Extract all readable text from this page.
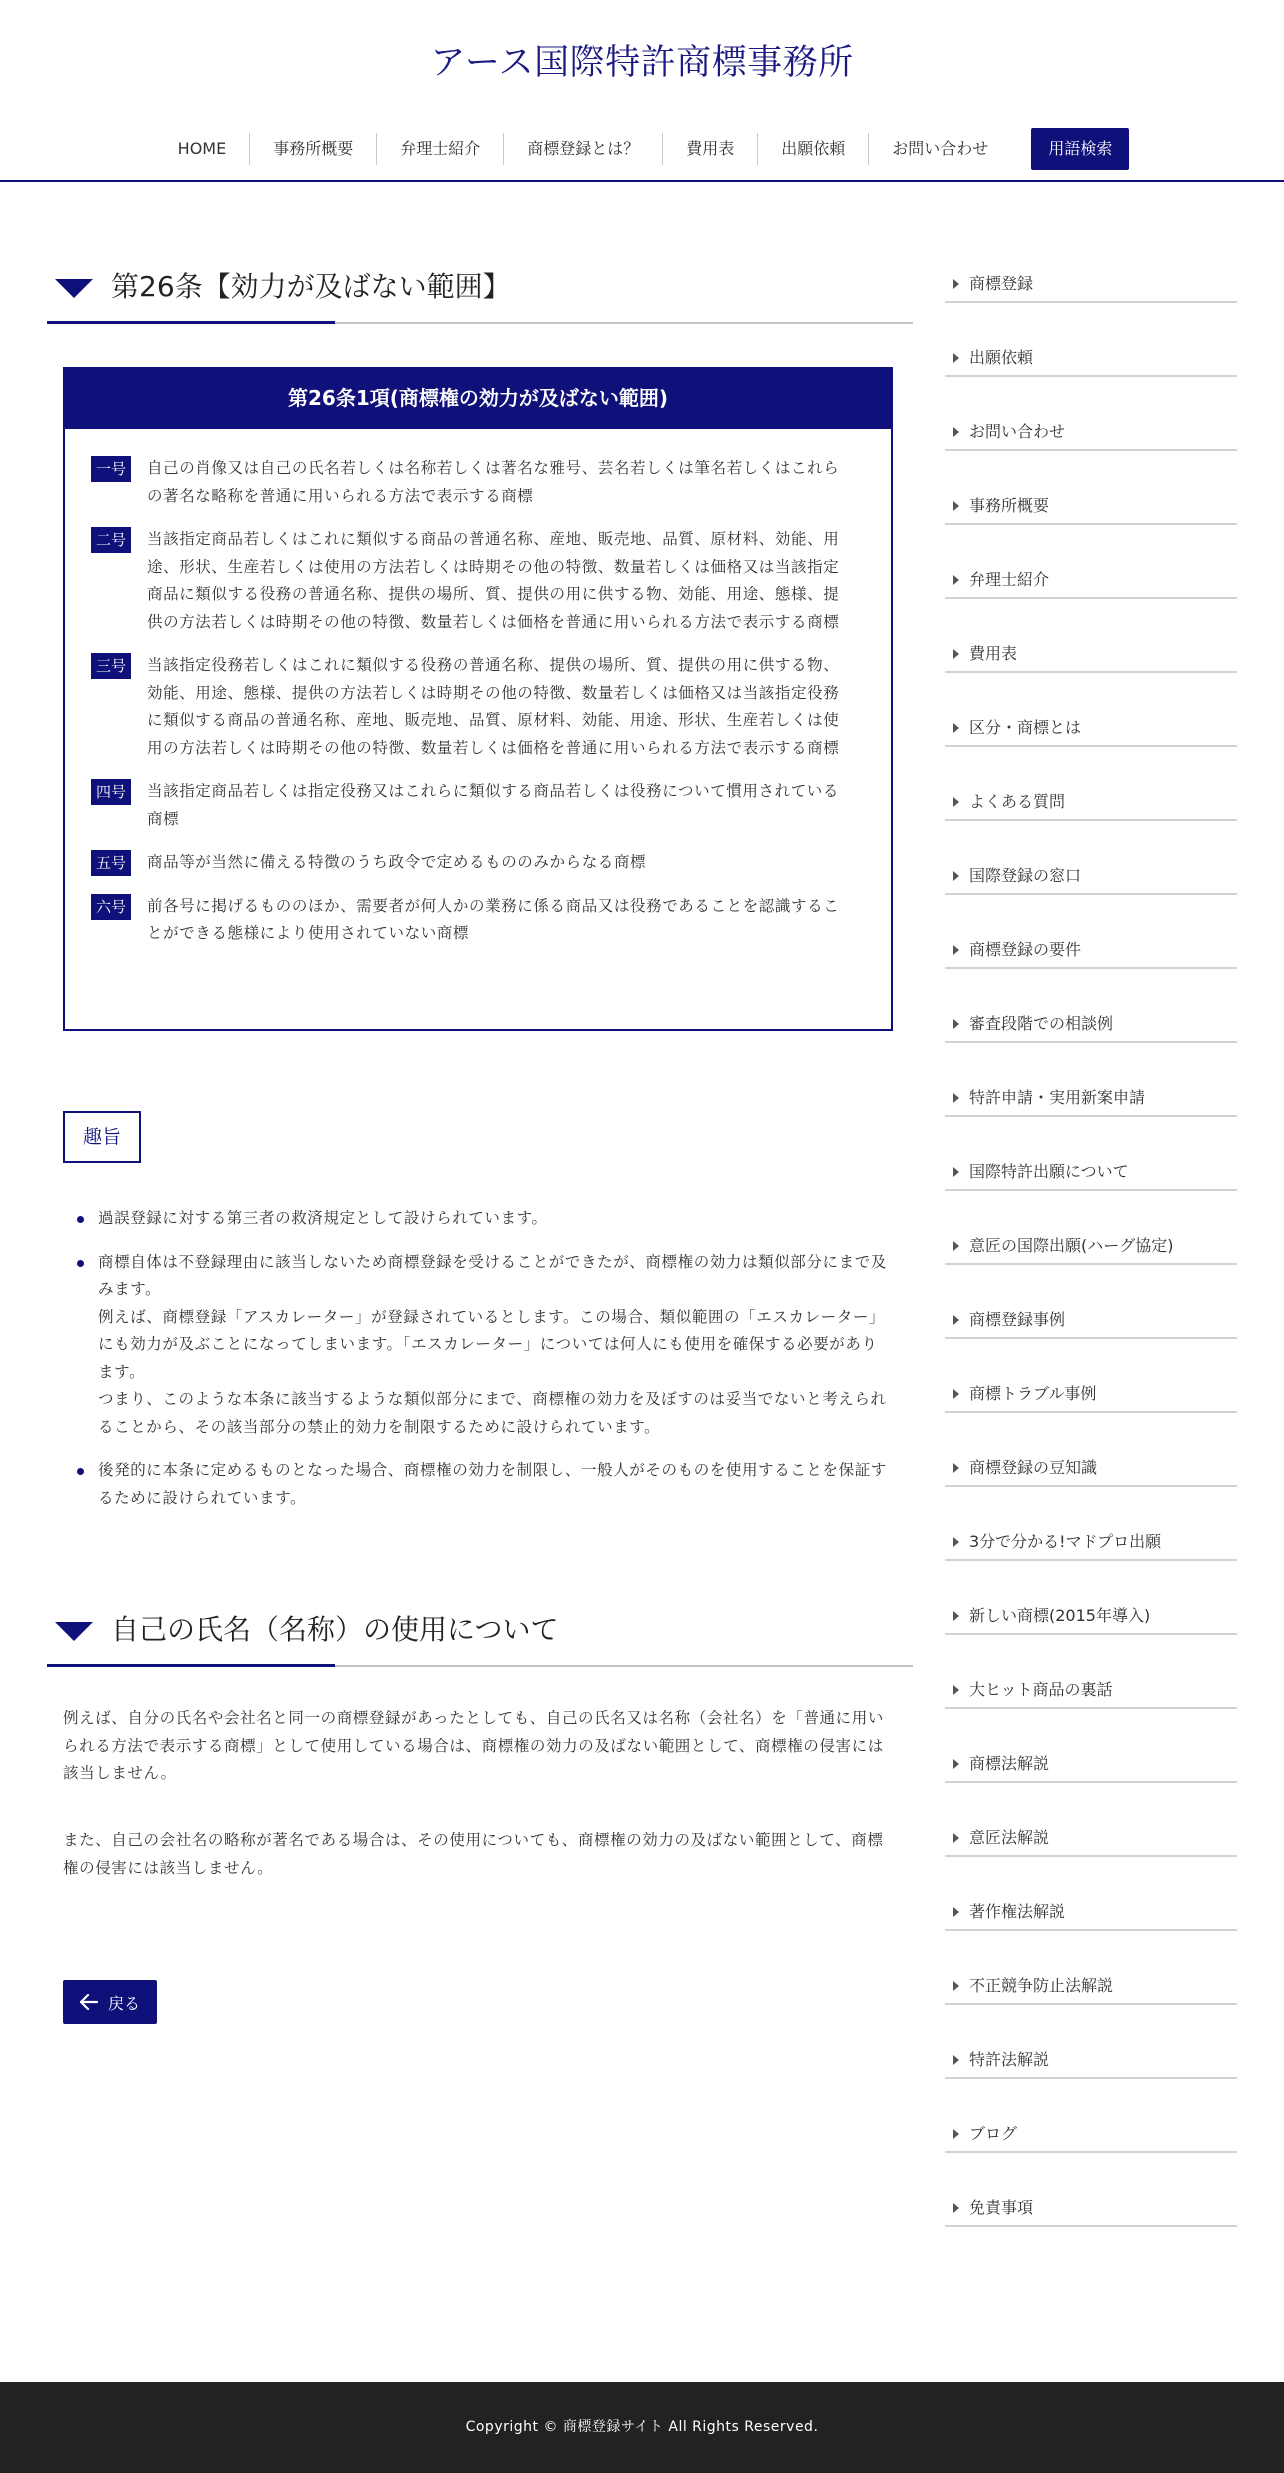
アース国際特許商標事務所
HOME	事務所概要	弁理士紹介	商標登録とは？	費用表	出願依頼	お問い合わせ	用語検索
第26条【効力が及ばない範囲】
第26条1項(商標権の効力が及ばない範囲)
一号	自己の肖像又は自己の氏名若しくは名称若しくは著名な雅号、芸名若しくは筆名若しくはこれらの著名な略称を普通に用いられる方法で表示する商標
二号	当該指定商品若しくはこれに類似する商品の普通名称、産地、販売地、品質、原材料、効能、用途、形状、生産若しくは使用の方法若しくは時期その他の特徴、数量若しくは価格又は当該指定商品に類似する役務の普通名称、提供の場所、質、提供の用に供する物、効能、用途、態様、提供の方法若しくは時期その他の特徴、数量若しくは価格を普通に用いられる方法で表示する商標
三号	当該指定役務若しくはこれに類似する役務の普通名称、提供の場所、質、提供の用に供する物、効能、用途、態様、提供の方法若しくは時期その他の特徴、数量若しくは価格又は当該指定役務に類似する商品の普通名称、産地、販売地、品質、原材料、効能、用途、形状、生産若しくは使用の方法若しくは時期その他の特徴、数量若しくは価格を普通に用いられる方法で表示する商標
四号	当該指定商品若しくは指定役務又はこれらに類似する商品若しくは役務について慣用されている商標
五号	商品等が当然に備える特徴のうち政令で定めるもののみからなる商標
六号	前各号に掲げるもののほか、需要者が何人かの業務に係る商品又は役務であることを認識することができる態様により使用されていない商標
趣旨
過誤登録に対する第三者の救済規定として設けられています。
商標自体は不登録理由に該当しないため商標登録を受けることができたが、商標権の効力は類似部分にまで及みます。
例えば、商標登録「アスカレーター」が登録されているとします。この場合、類似範囲の「エスカレーター」にも効力が及ぶことになってしまいます。「エスカレーター」については何人にも使用を確保する必要があります。
つまり、このような本条に該当するような類似部分にまで、商標権の効力を及ぼすのは妥当でないと考えられることから、その該当部分の禁止的効力を制限するために設けられています。
後発的に本条に定めるものとなった場合、商標権の効力を制限し、一般人がそのものを使用することを保証するために設けられています。
自己の氏名（名称）の使用について
例えば、自分の氏名や会社名と同一の商標登録があったとしても、自己の氏名又は名称（会社名）を「普通に用いられる方法で表示する商標」として使用している場合は、商標権の効力の及ばない範囲として、商標権の侵害には該当しません。
また、自己の会社名の略称が著名である場合は、その使用についても、商標権の効力の及ばない範囲として、商標権の侵害には該当しません。
戻る
商標登録
出願依頼
お問い合わせ
事務所概要
弁理士紹介
費用表
区分・商標とは
よくある質問
国際登録の窓口
商標登録の要件
審査段階での相談例
特許申請・実用新案申請
国際特許出願について
意匠の国際出願(ハーグ協定)
商標登録事例
商標トラブル事例
商標登録の豆知識
3分で分かる!マドプロ出願
新しい商標(2015年導入)
大ヒット商品の裏話
商標法解説
意匠法解説
著作権法解説
不正競争防止法解説
特許法解説
ブログ
免責事項
Copyright © 商標登録サイト All Rights Reserved.
